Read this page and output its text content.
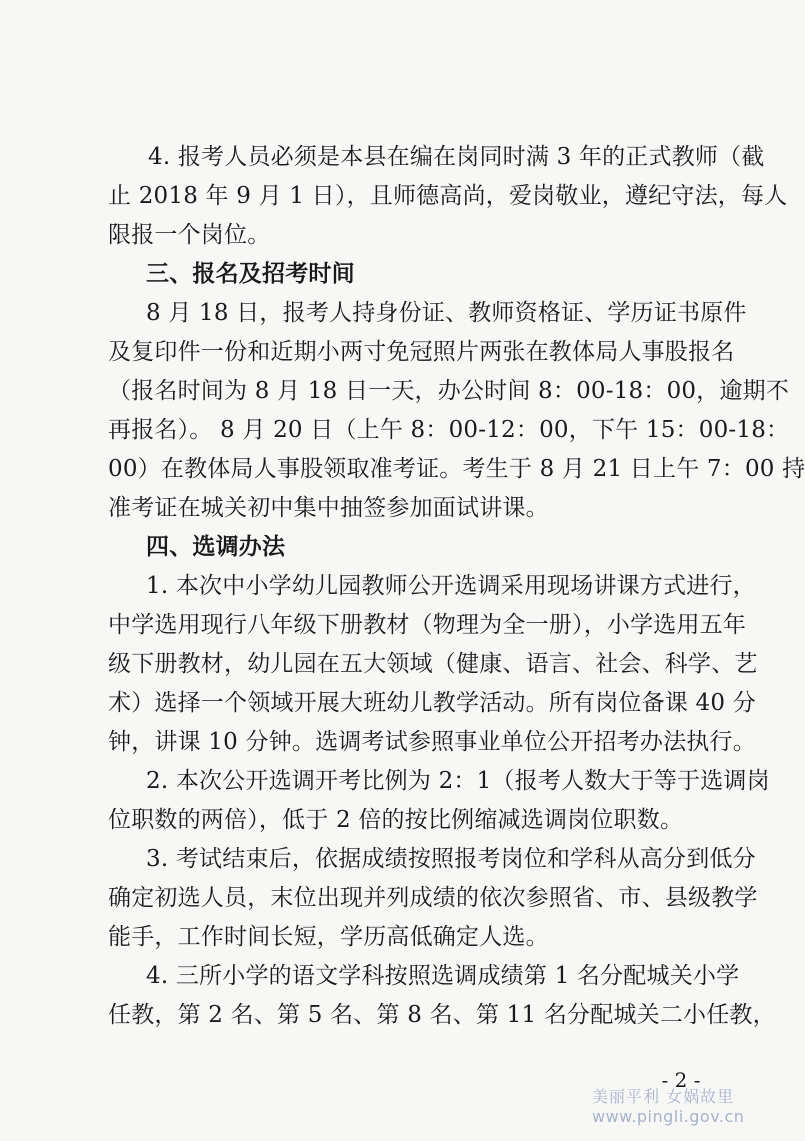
4. 报考人员必须是本县在编在岗同时满 3 年的正式教师（截
止 2018 年 9 月 1 日），且师德高尚，爱岗敬业，遵纪守法，每人
限报一个岗位。
三、报名及招考时间
8 月 18 日，报考人持身份证、教师资格证、学历证书原件
及复印件一份和近期小两寸免冠照片两张在教体局人事股报名
（报名时间为 8 月 18 日一天，办公时间 8：00-18：00，逾期不
再报名）。 8 月 20 日（上午 8：00-12：00，下午 15：00-18：
00）在教体局人事股领取准考证。考生于 8 月 21 日上午 7：00 持
准考证在城关初中集中抽签参加面试讲课。
四、选调办法
1. 本次中小学幼儿园教师公开选调采用现场讲课方式进行，
中学选用现行八年级下册教材（物理为全一册），小学选用五年
级下册教材，幼儿园在五大领域（健康、语言、社会、科学、艺
术）选择一个领域开展大班幼儿教学活动。所有岗位备课 40 分
钟，讲课 10 分钟。选调考试参照事业单位公开招考办法执行。
2. 本次公开选调开考比例为 2：1（报考人数大于等于选调岗
位职数的两倍），低于 2 倍的按比例缩减选调岗位职数。
3. 考试结束后，依据成绩按照报考岗位和学科从高分到低分
确定初选人员，末位出现并列成绩的依次参照省、市、县级教学
能手，工作时间长短，学历高低确定人选。
4. 三所小学的语文学科按照选调成绩第 1 名分配城关小学
任教，第 2 名、第 5 名、第 8 名、第 11 名分配城关二小任教，
- 2 -
美丽平利 女娲故里
www.pingli.gov.cn
